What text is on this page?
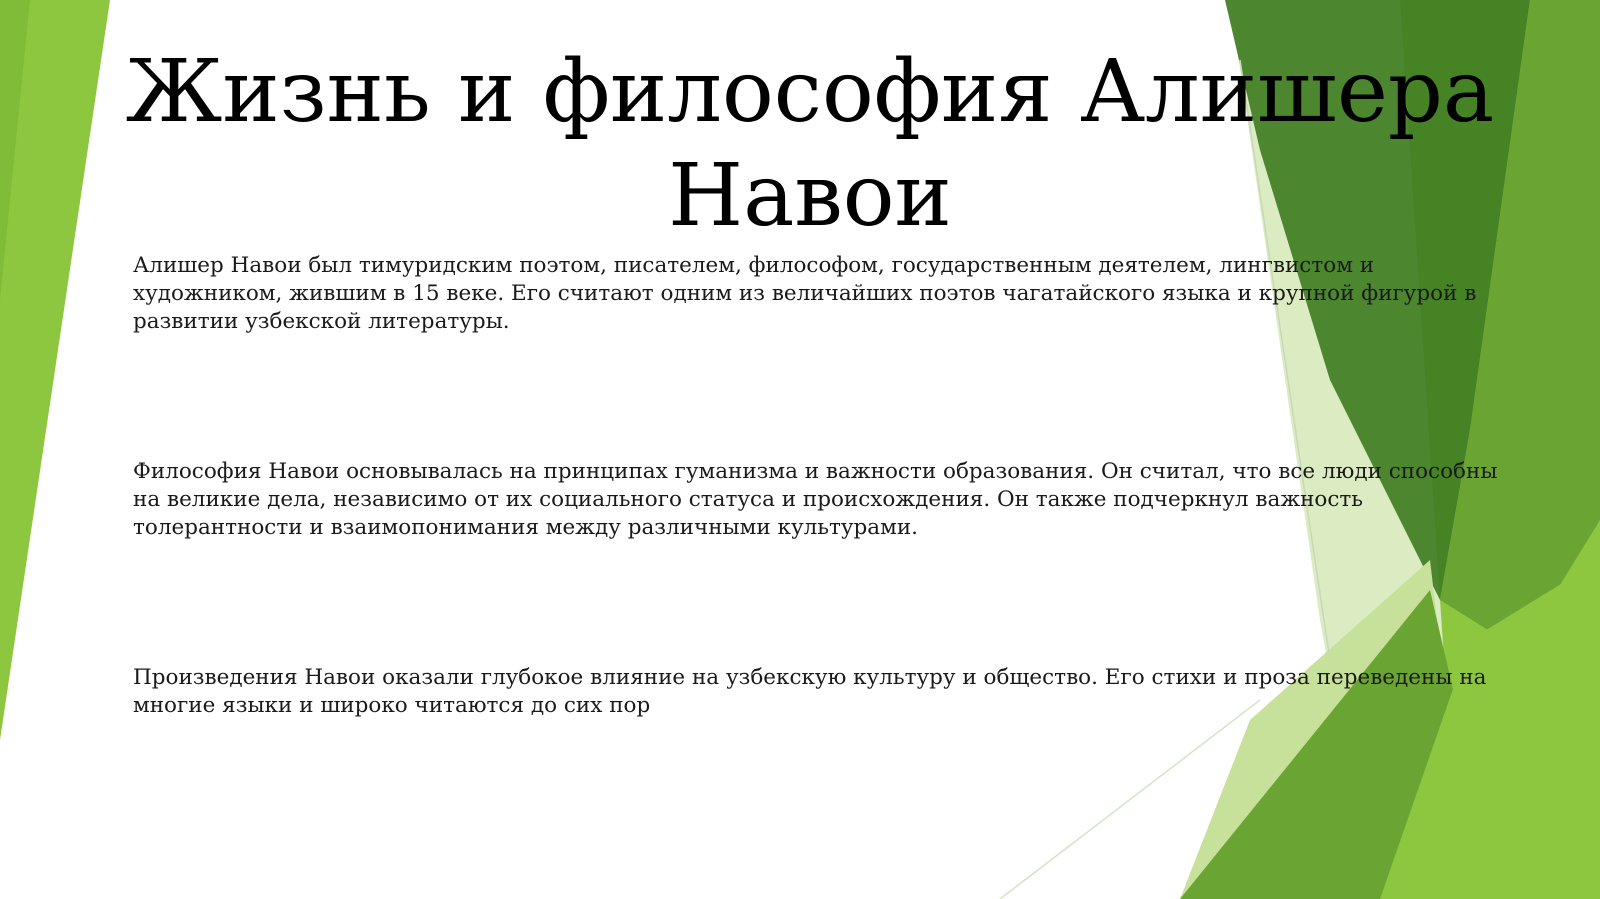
Жизнь и философия Алишера Навои

Алишер Навои был тимуридским поэтом, писателем, философом, государственным деятелем, лингвистом и художником, жившим в 15 веке. Его считают одним из величайших поэтов чагатайского языка и крупной фигурой в развитии узбекской литературы.

Философия Навои основывалась на принципах гуманизма и важности образования. Он считал, что все люди способны на великие дела, независимо от их социального статуса и происхождения. Он также подчеркнул важность толерантности и взаимопонимания между различными культурами.

Произведения Навои оказали глубокое влияние на узбекскую культуру и общество. Его стихи и проза переведены на многие языки и широко читаются до сих пор
